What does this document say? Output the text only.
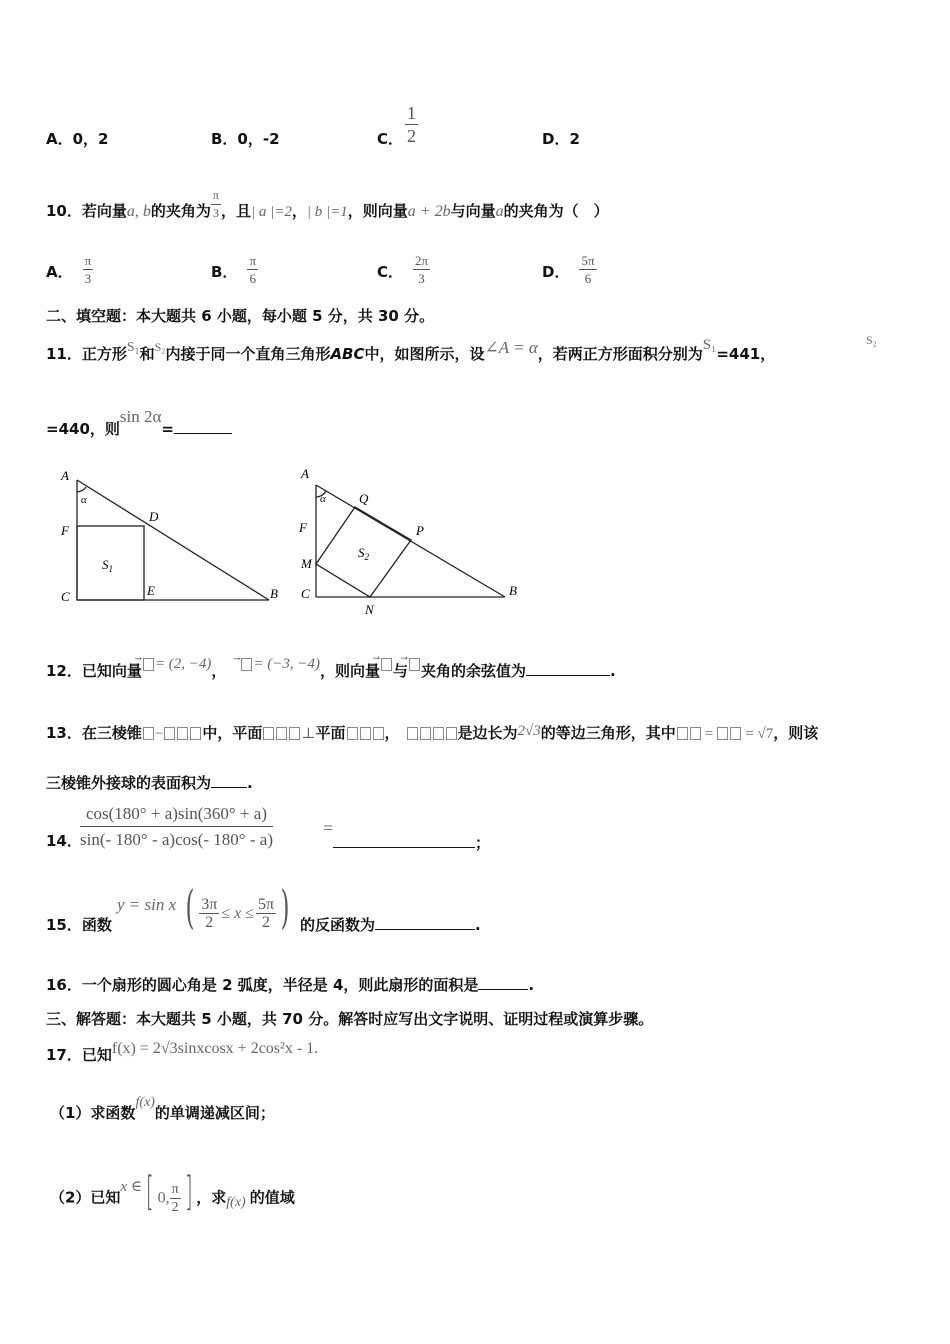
A．0，2	B．0，-2	C． $\frac{1}{2}$	D．2
10．若向量a, b的夹角为 $\frac{\pi}{3}$ ，且| a |=2，| b |=1，则向量a + 2b与向量a的夹角为（　）
A． $\frac{\pi}{3}$	B． $\frac{\pi}{6}$	C． $\frac{2\pi}{3}$	D． $\frac{5\pi}{6}$
二、填空题：本大题共 6 小题，每小题 5 分，共 30 分。
11．正方形S₁和$^{S_2}$内接于同一个直角三角形ABC中，如图所示，设∠A = α，若两正方形面积分别为S₁=441，
S₂
=440，则sin 2α=
A
α
D
F
$S_1$
C	E	B
A
α	Q
P
F
$S_2$
M
C
N
B
12．已知向量 = (2, −4)， = (−3, −4)，则向量 与 夹角的余弦值为	.
13．在三棱锥 −	中，平面	⊥平面	，	是边长为2√3的等边三角形，其中 = = √7，则该
三棱锥外接球的表面积为 .
14．
$\frac{\cos(180^\circ + a)\sin(360^\circ + a)}{\sin(- 180^\circ - a)\cos(- 180^\circ - a)}$	=
；
15．函数
y = sin x ( $\frac{3\pi}{2} \le x \le \frac{5\pi}{2}$ ) 的反函数为	.
16．一个扇形的圆心角是 2 弧度，半径是 4，则此扇形的面积是	.
三、解答题：本大题共 5 小题，共 70 分。解答时应写出文字说明、证明过程或演算步骤。
17．已知f(x) = 2√3sinxcosx + 2cos²x - 1.
（1）求函数f(x)的单调递减区间；
（2）已知x ∈[ 0, $\frac{\pi}{2}$ ] ，求f(x) 的值域
